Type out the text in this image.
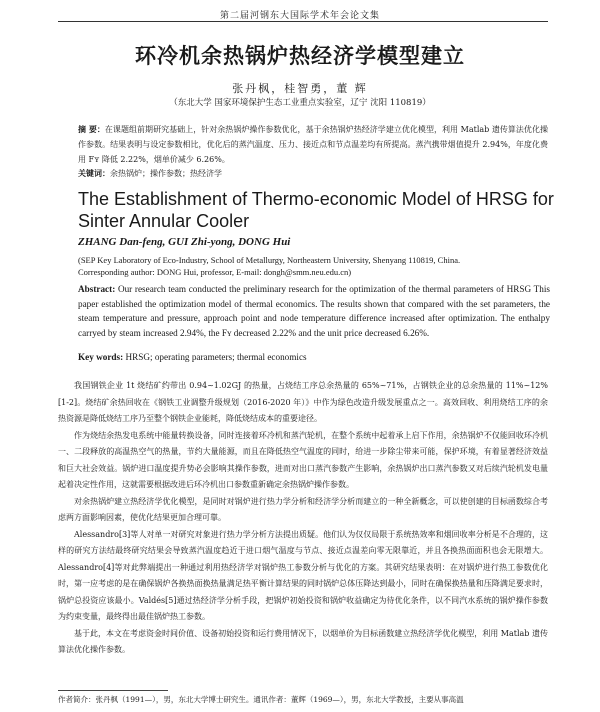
第二届河钢东大国际学术年会论文集
环冷机余热锅炉热经济学模型建立
张丹枫，桂智勇，董 辉
（东北大学 国家环境保护生态工业重点实验室，辽宁 沈阳 110819）
摘 要：在课题组前期研究基础上，针对余热锅炉操作参数优化，基于余热锅炉热经济学建立优化模型，利用 Matlab 遗传算法优化操作参数。结果表明与设定参数相比，优化后的蒸汽温度、压力、接近点和节点温差均有所提高。蒸汽携带烟值提升 2.94%，年度化费用 Fʏ 降低 2.22%，烟单价减少 6.26%。
关键词：余热锅炉；操作参数；热经济学
The Establishment of Thermo-economic Model of HRSG for Sinter Annular Cooler
ZHANG Dan-feng, GUI Zhi-yong, DONG Hui
(SEP Key Laboratory of Eco-Industry, School of Metallurgy, Northeastern University, Shenyang 110819, China.
Corresponding author: DONG Hui, professor, E-mail: dongh@smm.neu.edu.cn)
Abstract: Our research team conducted the preliminary research for the optimization of the thermal parameters of HRSG This paper established the optimization model of thermal economics. The results shown that compared with the set parameters, the steam temperature and pressure, approach point and node temperature difference increased after optimization. The enthalpy carryed by steam increased 2.94%, the Fʏ decreased 2.22% and the unit price decreased 6.26%.
Key words: HRSG; operating parameters; thermal economics

我国钢铁企业 1t 烧结矿约带出 0.94~1.02GJ 的热量，占烧结工序总余热量的 65%~71%，占钢铁企业的总余热量的 11%~12%[1-2]。烧结矿余热回收在《钢铁工业调整升级规划（2016-2020 年）》中作为绿色改造升级发展重点之一。高效回收、利用烧结工序的余热资源是降低烧结工序乃至整个钢铁企业能耗，降低烧结成本的重要途径。

作为烧结余热发电系统中能量转换设备，同时连接着环冷机和蒸汽轮机，在整个系统中起着承上启下作用，余热锅炉不仅能回收环冷机一、二段释放的高温热空气的热量，节约大量能源，而且在降低热空气温度的同时，给进一步除尘带来可能，保护环境，有着显著经济效益和巨大社会效益。锅炉进口温度提升势必会影响其操作参数，进而对出口蒸汽参数产生影响，余热锅炉出口蒸汽参数又对后续汽轮机发电量起着决定性作用，这就需要根据改进后环冷机出口参数重新确定余热锅炉操作参数。

对余热锅炉建立热经济学优化模型，是同时对锅炉进行热力学分析和经济学分析而建立的一种全新概念，可以使创建的目标函数综合考虑两方面影响因素，使优化结果更加合理可靠。

Alessandro[3]等人对单一对研究对象进行热力学分析方法提出质疑。他们认为仅仅局限于系统热效率和烟回收率分析是不合理的，这样的研究方法结最终研究结果会导致蒸汽温度趋近于进口烟气温度与节点、接近点温差向零无限靠近，并且各换热面面积也会无限增大。Alessandro[4]等对此弊端提出一种通过利用热经济学对锅炉热工参数分析与优化的方案。其研究结果表明：在对锅炉进行热工参数优化时，第一应考虑的是在确保锅炉各换热面换热量满足热平衡计算结果的同时锅炉总体压降达到最小，同时在确保换热量和压降满足要求时，锅炉总投资应该最小。Valdés[5]通过热经济学分析手段，把锅炉初始投资和锅炉收益确定为待优化条件，以不同汽水系统的锅炉操作参数为约束变量，最终得出最佳锅炉热工参数。

基于此，本文在考虑资金时间价值、设备初始投资和运行费用情况下，以烟单价为目标函数建立热经济学优化模型，利用 Matlab 遗传算法优化操作参数。

作者简介：张丹枫（1991—），男，东北大学博士研究生。通讯作者：董辉（1969—），男，东北大学教授，主要从事高温
